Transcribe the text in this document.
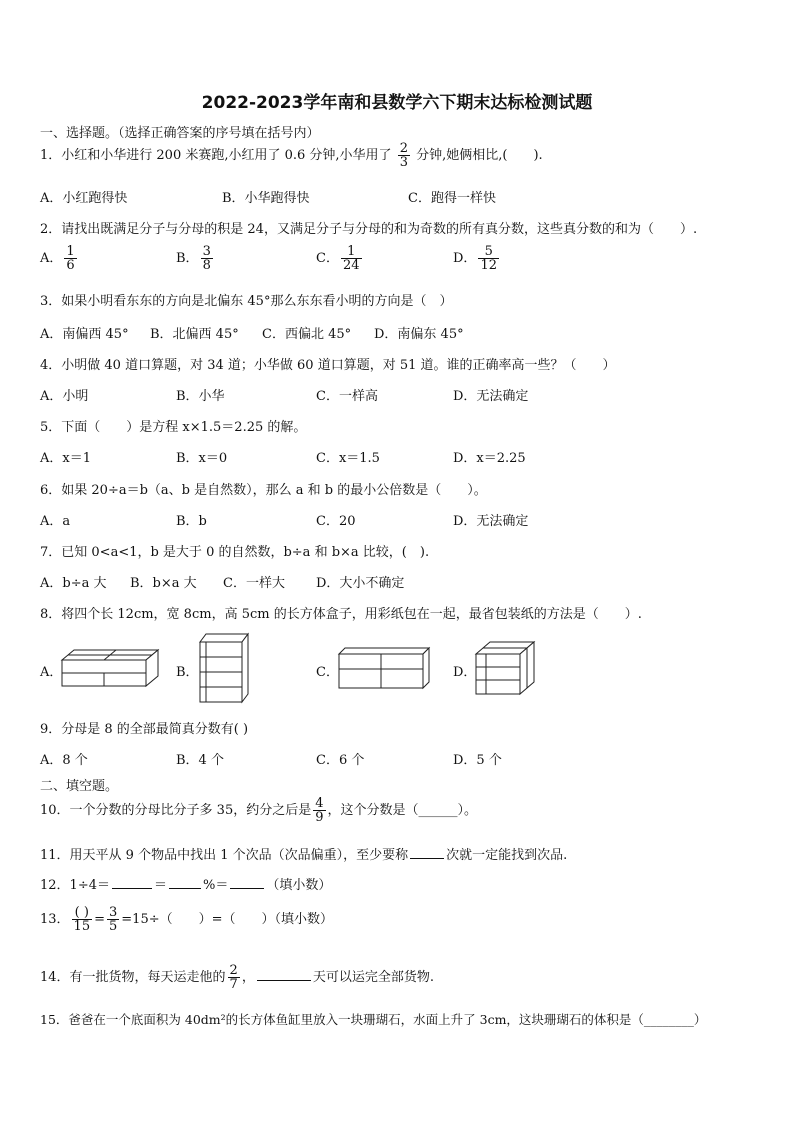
2022-2023学年南和县数学六下期末达标检测试题
一、选择题。（选择正确答案的序号填在括号内）
1．小红和小华进行 200 米赛跑,小红用了 0.6 分钟,小华用了 $\frac{2}{3}$ 分钟,她俩相比,(　　).
A．小红跑得快	B．小华跑得快	C．跑得一样快
2．请找出既满足分子与分母的积是 24，又满足分子与分母的和为奇数的所有真分数，这些真分数的和为（　　）.
A． $\frac{1}{6}$	B． $\frac{3}{8}$	C． $\frac{1}{24}$	D． $\frac{5}{12}$
3．如果小明看东东的方向是北偏东 45°那么东东看小明的方向是（　）
A．南偏西 45° B．北偏西 45° C．西偏北 45° D．南偏东 45°
4．小明做 40 道口算题，对 34 道；小华做 60 道口算题，对 51 道。谁的正确率高一些？（　　）
A．小明	B．小华	C．一样高	D．无法确定
5．下面（　　）是方程 x×1.5＝2.25 的解。
A．x＝1	B．x＝0	C．x＝1.5	D．x＝2.25
6．如果 20÷a＝b（a、b 是自然数），那么 a 和 b 的最小公倍数是（　　）。
A．a	B．b	C．20	D．无法确定
7．已知 0<a<1，b 是大于 0 的自然数，b÷a 和 b×a 比较，(　).
A．b÷a 大 B．b×a 大 C．一样大 D．大小不确定
8．将四个长 12cm，宽 8cm，高 5cm 的长方体盒子，用彩纸包在一起，最省包装纸的方法是（　　）.
A．	B．	C．	D．
9．分母是 8 的全部最简真分数有( )
A．8 个	B．4 个	C．6 个	D．5 个
二、填空题。
10．一个分数的分母比分子多 35，约分之后是 $\frac{4}{9}$ ，这个分数是（______）。
11．用天平从 9 个物品中找出 1 个次品（次品偏重），至少要称	次就一定能找到次品.
12．1÷4＝	＝	%＝	（填小数）
13． $\frac{( )}{15} = \frac{3}{5} =15\div$（　　）=（　　）（填小数）
14．有一批货物，每天运走他的 $\frac{2}{7}$ ，	天可以运完全部货物.
15．爸爸在一个底面积为 40dm²的长方体鱼缸里放入一块珊瑚石，水面上升了 3cm，这块珊瑚石的体积是（________）
